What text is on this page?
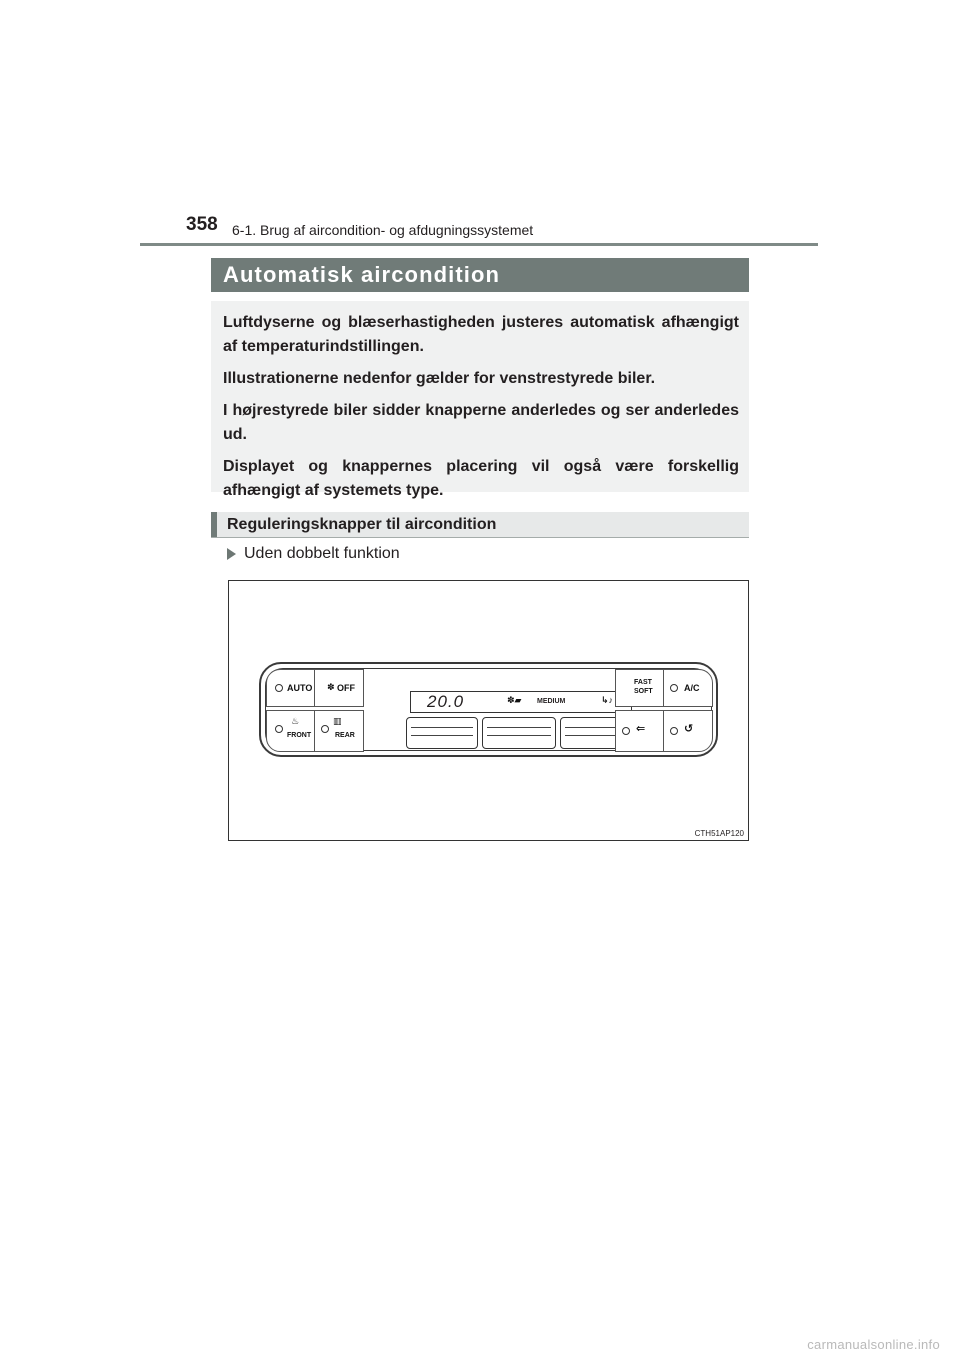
358 6-1. Brug af aircondition- og afdugningssystemet
Automatisk aircondition

Luftdyserne og blæserhastigheden justeres automatisk afhængigt af temperaturindstillingen.

Illustrationerne nedenfor gælder for venstrestyrede biler.

I højrestyrede biler sidder knapperne anderledes og ser anderledes ud.

Displayet og knappernes placering vil også være forskellig afhængigt af systemets type.

Reguleringsknapper til aircondition
Uden dobbelt funktion
AUTO ✽ OFF
♨
FRONT
▥
REAR
20.0	✽▰ MEDIUM	↳♪
FAST
SOFT	A/C
⇐	↺
CTH51AP120
carmanualsonline.info
